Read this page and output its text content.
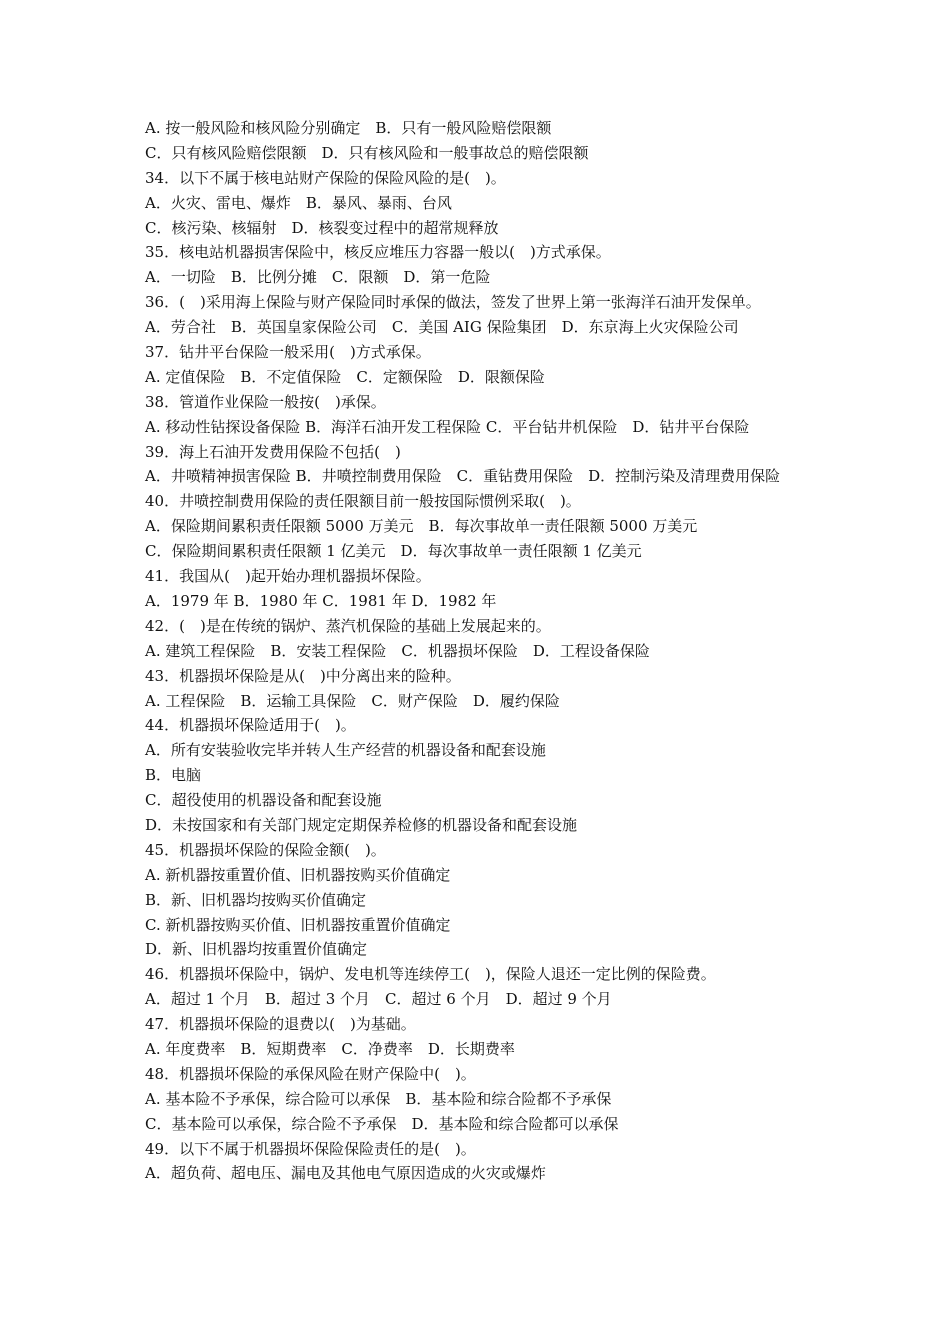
A. 按一般风险和核风险分别确定　B．只有一般风险赔偿限额
C．只有核风险赔偿限额　D．只有核风险和一般事故总的赔偿限额
34．以下不属于核电站财产保险的保险风险的是(　)。
A．火灾、雷电、爆炸　B．暴风、暴雨、台风
C．核污染、核辐射　D．核裂变过程中的超常规释放
35．核电站机器损害保险中，核反应堆压力容器一般以(　)方式承保。
A．一切险　B．比例分摊　C．限额　D．第一危险
36．(　)采用海上保险与财产保险同时承保的做法，签发了世界上第一张海洋石油开发保单。
A．劳合社　B．英国皇家保险公司　C．美国 AIG 保险集团　D．东京海上火灾保险公司
37．钻井平台保险一般采用(　)方式承保。
A. 定值保险　B．不定值保险　C．定额保险　D．限额保险
38．管道作业保险一般按(　)承保。
A. 移动性钻探设备保险 B．海洋石油开发工程保险 C．平台钻井机保险　D．钻井平台保险
39．海上石油开发费用保险不包括(　)
A．井喷精神损害保险 B．井喷控制费用保险　C．重钻费用保险　D．控制污染及清理费用保险
40．井喷控制费用保险的责任限额目前一般按国际惯例采取(　)。
A．保险期间累积责任限额 5000 万美元　B．每次事故单一责任限额 5000 万美元
C．保险期间累积责任限额 1 亿美元　D．每次事故单一责任限额 1 亿美元
41．我国从(　)起开始办理机器损坏保险。
A．1979 年 B．1980 年 C．1981 年 D．1982 年
42．(　)是在传统的锅炉、蒸汽机保险的基础上发展起来的。
A. 建筑工程保险　B．安装工程保险　C．机器损坏保险　D．工程设备保险
43．机器损坏保险是从(　)中分离出来的险种。
A. 工程保险　B．运输工具保险　C．财产保险　D．履约保险
44．机器损坏保险适用于(　)。
A．所有安装验收完毕并转人生产经营的机器设备和配套设施
B．电脑
C．超役使用的机器设备和配套设施
D．未按国家和有关部门规定定期保养检修的机器设备和配套设施
45．机器损坏保险的保险金额(　)。
A. 新机器按重置价值、旧机器按购买价值确定
B．新、旧机器均按购买价值确定
C. 新机器按购买价值、旧机器按重置价值确定
D．新、旧机器均按重置价值确定
46．机器损坏保险中，锅炉、发电机等连续停工(　)，保险人退还一定比例的保险费。
A．超过 1 个月　B．超过 3 个月　C．超过 6 个月　D．超过 9 个月
47．机器损坏保险的退费以(　)为基础。
A. 年度费率　B．短期费率　C．净费率　D．长期费率
48．机器损坏保险的承保风险在财产保险中(　)。
A. 基本险不予承保，综合险可以承保　B．基本险和综合险都不予承保
C．基本险可以承保，综合险不予承保　D．基本险和综合险都可以承保
49．以下不属于机器损坏保险保险责任的是(　)。
A．超负荷、超电压、漏电及其他电气原因造成的火灾或爆炸
